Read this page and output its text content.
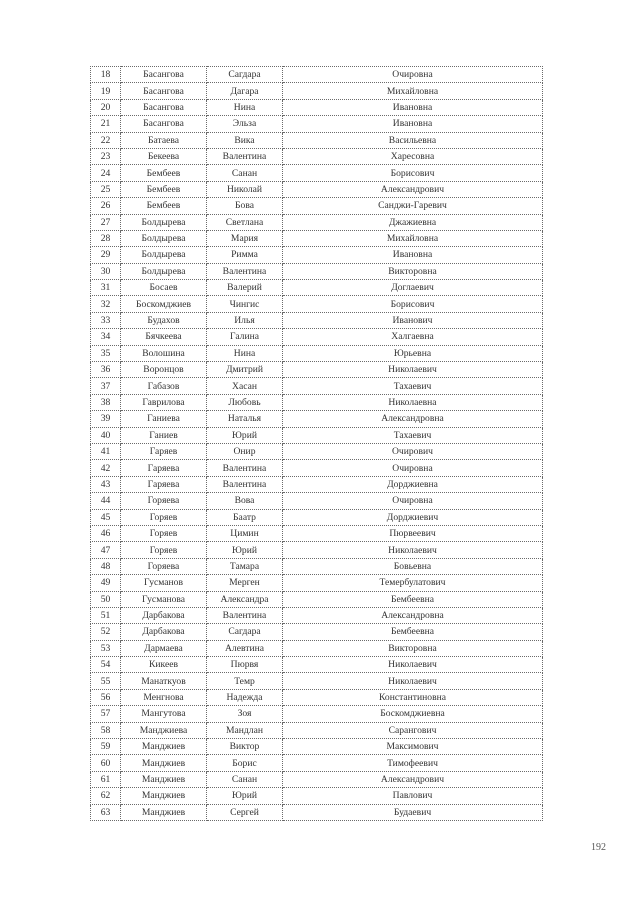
18	Басангова	Сагдара	Очировна
19	Басангова	Дагара	Михайловна
20	Басангова	Нина	Ивановна
21	Басангова	Эльза	Ивановна
22	Батаева	Вика	Васильевна
23	Бекеева	Валентина	Харесовна
24	Бембеев	Санан	Борисович
25	Бембеев	Николай	Александрович
26	Бембеев	Бова	Санджи-Гаревич
27	Болдырева	Светлана	Джажиевна
28	Болдырева	Мария	Михайловна
29	Болдырева	Римма	Ивановна
30	Болдырева	Валентина	Викторовна
31	Босаев	Валерий	Доглаевич
32	Боскомджиев	Чингис	Борисович
33	Будахов	Илья	Иванович
34	Бячкеева	Галина	Халгаевна
35	Волошина	Нина	Юрьевна
36	Воронцов	Дмитрий	Николаевич
37	Габазов	Хасан	Тахаевич
38	Гаврилова	Любовь	Николаевна
39	Ганиева	Наталья	Александровна
40	Ганиев	Юрий	Тахаевич
41	Гаряев	Онир	Очирович
42	Гаряева	Валентина	Очировна
43	Гаряева	Валентина	Дорджиевна
44	Горяева	Вова	Очировна
45	Горяев	Баатр	Дорджиевич
46	Горяев	Цимин	Пюрвеевич
47	Горяев	Юрий	Николаевич
48	Горяева	Тамара	Бовьевна
49	Гусманов	Мерген	Темербулатович
50	Гусманова	Александра	Бембеевна
51	Дарбакова	Валентина	Александровна
52	Дарбакова	Сагдара	Бембеевна
53	Дармаева	Алевтина	Викторовна
54	Кикеев	Пюрвя	Николаевич
55	Манаткуов	Темр	Николаевич
56	Менгнова	Надежда	Константиновна
57	Мангутова	Зоя	Боскомджиевна
58	Манджиева	Мандлан	Сарангович
59	Манджиев	Виктор	Максимович
60	Манджиев	Борис	Тимофеевич
61	Манджиев	Санан	Александрович
62	Манджиев	Юрий	Павлович
63	Манджиев	Сергей	Будаевич
192
